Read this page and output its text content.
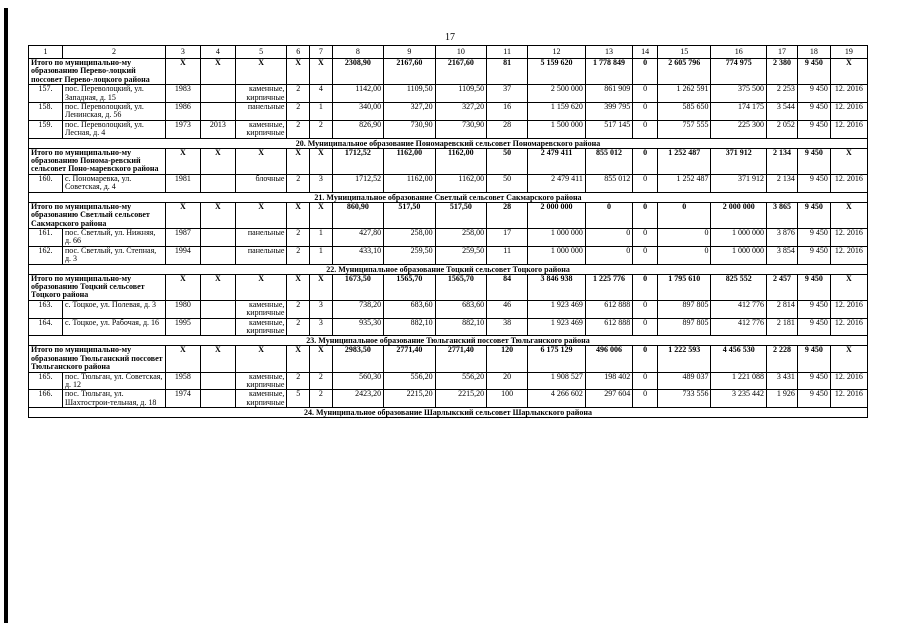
17
1	2	3	4	5	6	7	8	9	10	11	12	13	14	15	16	17	18	19
Итого по муниципально-му образованию Перево-лоцкий поссовет Перево-лоцкого района		Х	Х	Х	Х	Х	2308,90	2167,60	2167,60	81	5 159 620	1 778 849	0	2 605 796	774 975	2 380	9 450	Х
157.	пос. Переволоцкий, ул. Западная, д. 15	1983		каменные, кирпичные	2	4	1142,00	1109,50	1109,50	37	2 500 000	861 909	0	1 262 591	375 500	2 253	9 450	12. 2016
158.	пос. Переволоцкий, ул. Ленинская, д. 56	1986		панельные	2	1	340,00	327,20	327,20	16	1 159 620	399 795	0	585 650	174 175	3 544	9 450	12. 2016
159.	пос. Переволоцкий, ул. Лесная, д. 4	1973	2013	каменные, кирпичные	2	2	826,90	730,90	730,90	28	1 500 000	517 145	0	757 555	225 300	2 052	9 450	12. 2016
20. Муниципальное образование Пономаревский сельсовет Пономаревского района																		
Итого по муниципально-му образованию Понома-ревский сельсовет Поно-маревского района		Х	Х	Х	Х	Х	1712,52	1162,00	1162,00	50	2 479 411	855 012	0	1 252 487	371 912	2 134	9 450	Х
160.	с. Пономаревка, ул. Советская, д. 4	1981		блочные	2	3	1712,52	1162,00	1162,00	50	2 479 411	855 012	0	1 252 487	371 912	2 134	9 450	12. 2016
21. Муниципальное образование Светлый сельсовет Сакмарского района																		
Итого по муниципально-му образованию Светлый сельсовет Сакмарского района		Х	Х	Х	Х	Х	860,90	517,50	517,50	28	2 000 000	0	0	0	2 000 000	3 865	9 450	Х
161.	пос. Светлый, ул. Нижняя, д. 66	1987		панельные	2	1	427,80	258,00	258,00	17	1 000 000	0	0	0	1 000 000	3 876	9 450	12. 2016
162.	пос. Светлый, ул. Степная, д. 3	1994		панельные	2	1	433,10	259,50	259,50	11	1 000 000	0	0	0	1 000 000	3 854	9 450	12. 2016
22. Муниципальное образование Тоцкий сельсовет Тоцкого района																		
Итого по муниципально-му образованию Тоцкий сельсовет Тоцкого района		Х	Х	Х	Х	Х	1673,50	1565,70	1565,70	84	3 846 938	1 225 776	0	1 795 610	825 552	2 457	9 450	Х
163.	с. Тоцкое, ул. Полевая, д. 3	1980		каменные, кирпичные	2	3	738,20	683,60	683,60	46	1 923 469	612 888	0	897 805	412 776	2 814	9 450	12. 2016
164.	с. Тоцкое, ул. Рабочая, д. 16	1995		каменные, кирпичные	2	3	935,30	882,10	882,10	38	1 923 469	612 888	0	897 805	412 776	2 181	9 450	12. 2016
23. Муниципальное образование Тюльганский поссовет Тюльганского района																		
Итого по муниципально-му образованию Тюльганский поссовет Тюльганского района		Х	Х	Х	Х	Х	2983,50	2771,40	2771,40	120	6 175 129	496 006	0	1 222 593	4 456 530	2 228	9 450	Х
165.	пос. Тюльган, ул. Советская, д. 12	1958		каменные, кирпичные	2	2	560,30	556,20	556,20	20	1 908 527	198 402	0	489 037	1 221 088	3 431	9 450	12. 2016
166.	пос. Тюльган, ул. Шахтострои-тельная, д. 18	1974		каменные, кирпичные	5	2	2423,20	2215,20	2215,20	100	4 266 602	297 604	0	733 556	3 235 442	1 926	9 450	12. 2016
24. Муниципальное образование Шарлыкский сельсовет Шарлыкского района																		
